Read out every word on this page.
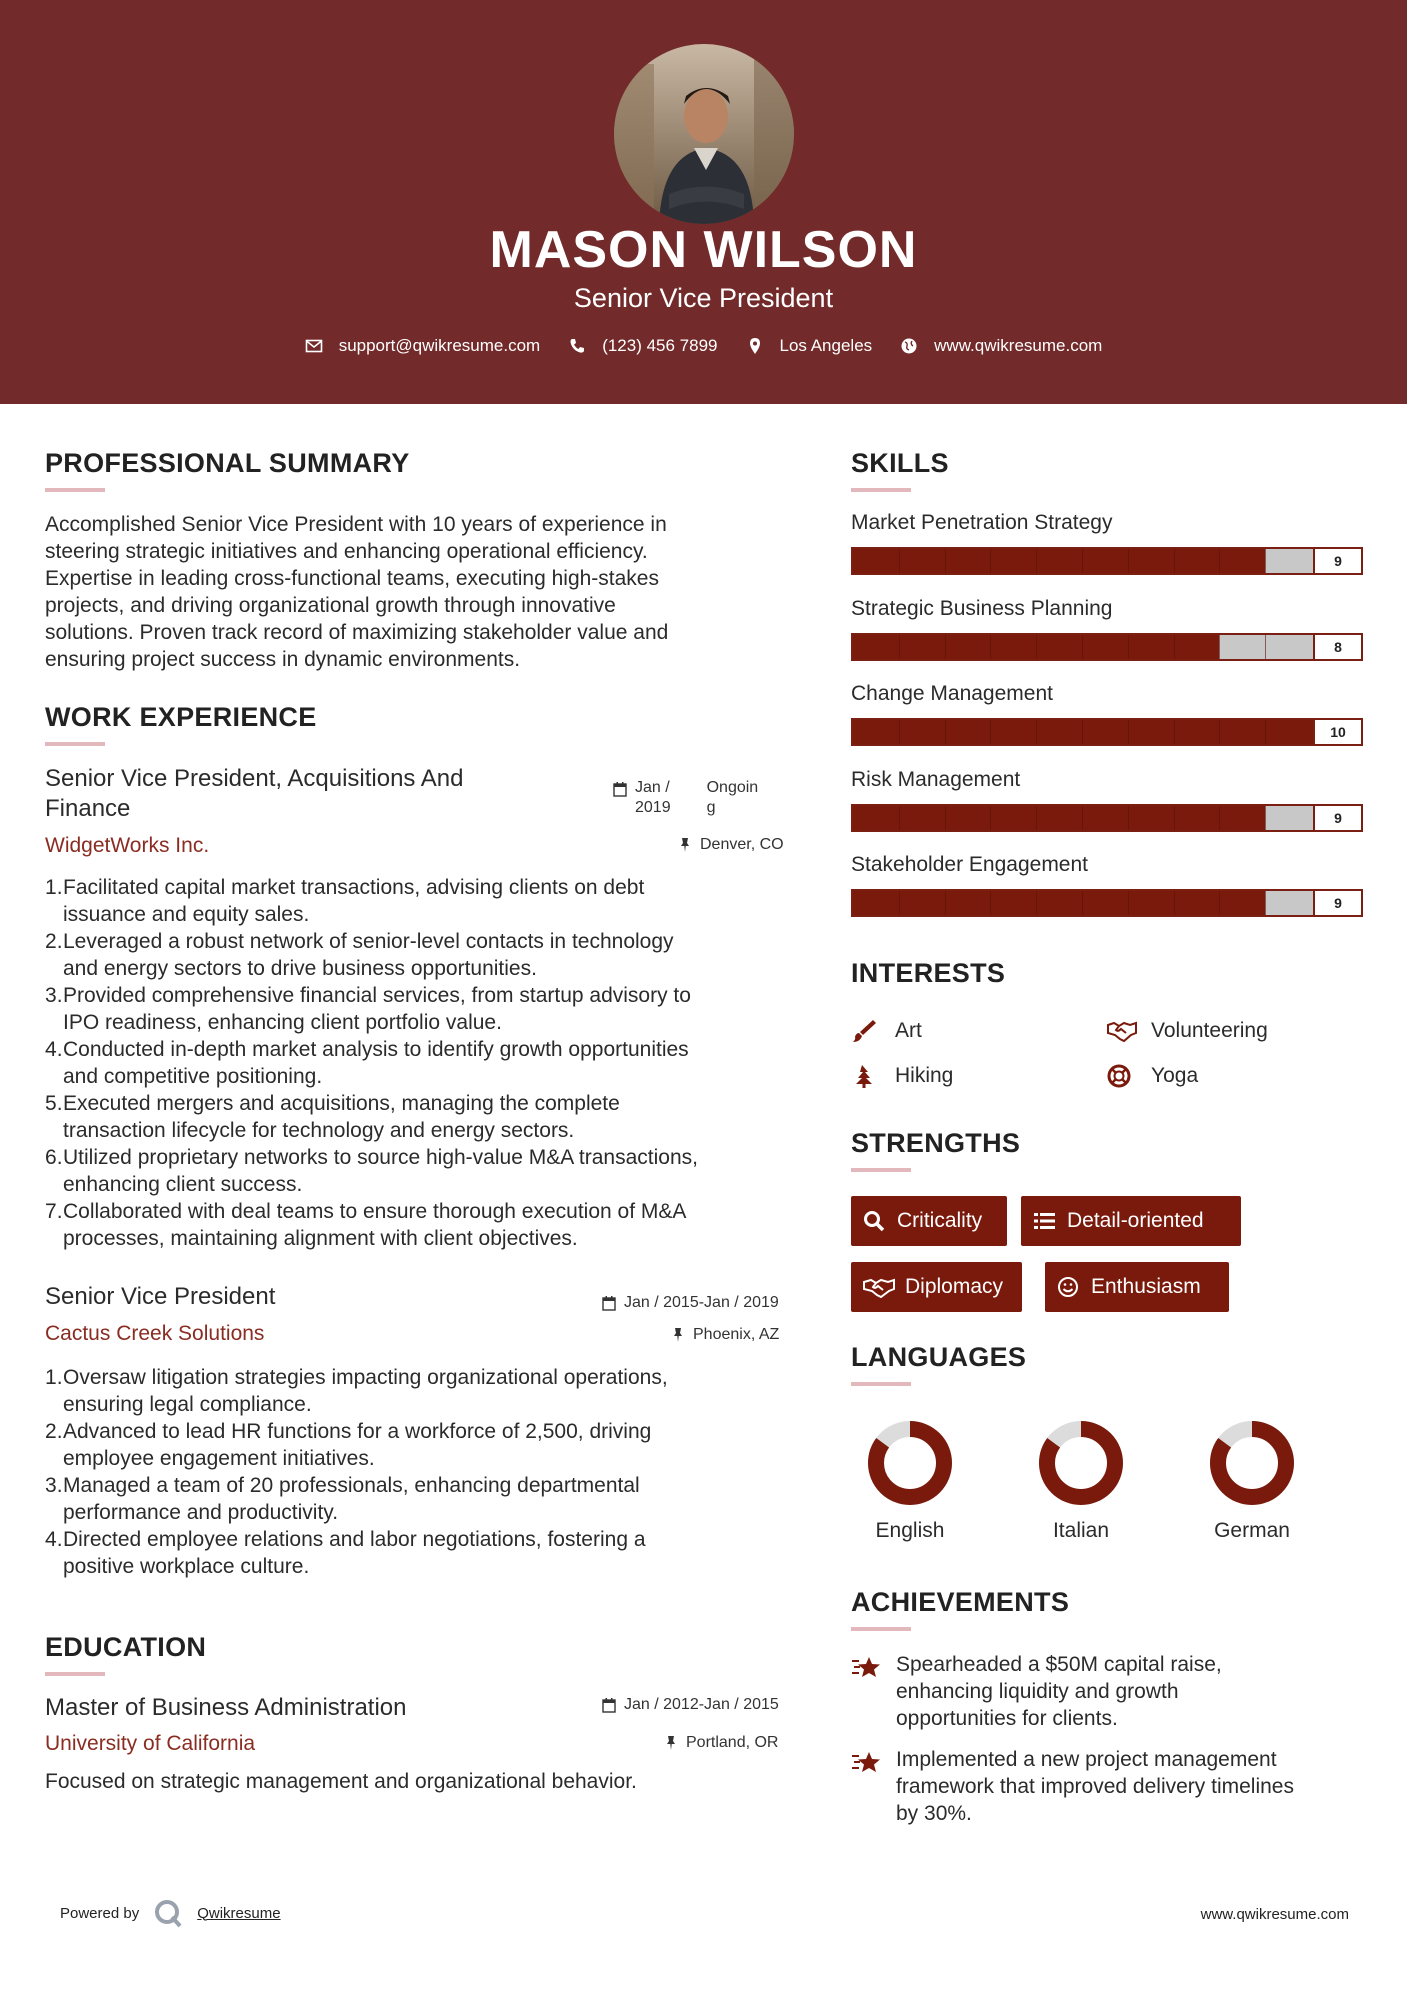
MASON WILSON
Senior Vice President
support@qwikresume.com	(123) 456 7899	Los Angeles	www.qwikresume.com
PROFESSIONAL SUMMARY
Accomplished Senior Vice President with 10 years of experience in
steering strategic initiatives and enhancing operational efficiency.
Expertise in leading cross-functional teams, executing high-stakes
projects, and driving organizational growth through innovative
solutions. Proven track record of maximizing stakeholder value and
ensuring project success in dynamic environments.
WORK EXPERIENCE
Senior Vice President, Acquisitions And
Finance
Jan /
2019
Ongoin
g
WidgetWorks Inc.	Denver, CO
Facilitated capital market transactions, advising clients on debt
issuance and equity sales.
Leveraged a robust network of senior-level contacts in technology
and energy sectors to drive business opportunities.
Provided comprehensive financial services, from startup advisory to
IPO readiness, enhancing client portfolio value.
Conducted in-depth market analysis to identify growth opportunities
and competitive positioning.
Executed mergers and acquisitions, managing the complete
transaction lifecycle for technology and energy sectors.
Utilized proprietary networks to source high-value M&A transactions,
enhancing client success.
Collaborated with deal teams to ensure thorough execution of M&A
processes, maintaining alignment with client objectives.
Senior Vice President	Jan / 2015-Jan / 2019
Cactus Creek Solutions	Phoenix, AZ
Oversaw litigation strategies impacting organizational operations,
ensuring legal compliance.
Advanced to lead HR functions for a workforce of 2,500, driving
employee engagement initiatives.
Managed a team of 20 professionals, enhancing departmental
performance and productivity.
Directed employee relations and labor negotiations, fostering a
positive workplace culture.
EDUCATION
Master of Business Administration	Jan / 2012-Jan / 2015
University of California	Portland, OR
Focused on strategic management and organizational behavior.
SKILLS
Market Penetration Strategy
9
Strategic Business Planning
8
Change Management
10
Risk Management
9
Stakeholder Engagement
9
INTERESTS
Art	Volunteering
Hiking	Yoga
STRENGTHS
Criticality	Detail-oriented
Diplomacy	Enthusiasm
LANGUAGES
English	Italian	German
ACHIEVEMENTS
Spearheaded a $50M capital raise,
enhancing liquidity and growth
opportunities for clients.
Implemented a new project management
framework that improved delivery timelines
by 30%.
Powered by	Qwikresume	www.qwikresume.com
